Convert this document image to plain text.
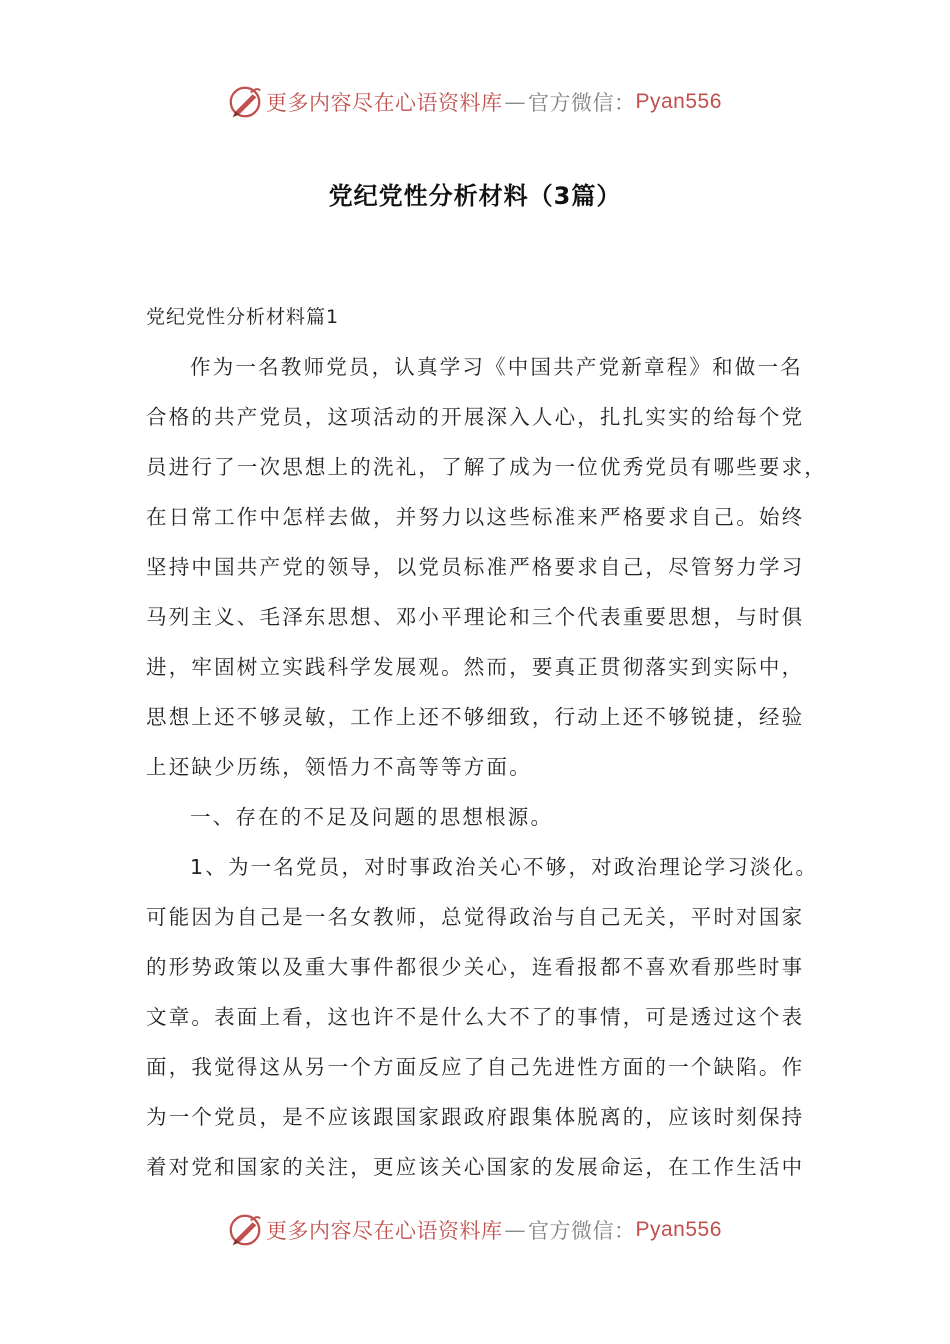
更多内容尽在心语资料库 — 官方微信： Pyan556
党纪党性分析材料（3篇）
党纪党性分析材料篇1
作为一名教师党员，认真学习《中国共产党新章程》和做一名
合格的共产党员，这项活动的开展深入人心，扎扎实实的给每个党
员进行了一次思想上的洗礼，了解了成为一位优秀党员有哪些要求，
在日常工作中怎样去做，并努力以这些标准来严格要求自己。始终
坚持中国共产党的领导，以党员标准严格要求自己，尽管努力学习
马列主义、毛泽东思想、邓小平理论和三个代表重要思想，与时俱
进，牢固树立实践科学发展观。然而，要真正贯彻落实到实际中，
思想上还不够灵敏，工作上还不够细致，行动上还不够锐捷，经验
上还缺少历练，领悟力不高等等方面。
一、存在的不足及问题的思想根源。
1、为一名党员，对时事政治关心不够，对政治理论学习淡化。
可能因为自己是一名女教师，总觉得政治与自己无关，平时对国家
的形势政策以及重大事件都很少关心，连看报都不喜欢看那些时事
文章。表面上看，这也许不是什么大不了的事情，可是透过这个表
面，我觉得这从另一个方面反应了自己先进性方面的一个缺陷。作
为一个党员，是不应该跟国家跟政府跟集体脱离的，应该时刻保持
着对党和国家的关注，更应该关心国家的发展命运，在工作生活中
更多内容尽在心语资料库 — 官方微信： Pyan556
